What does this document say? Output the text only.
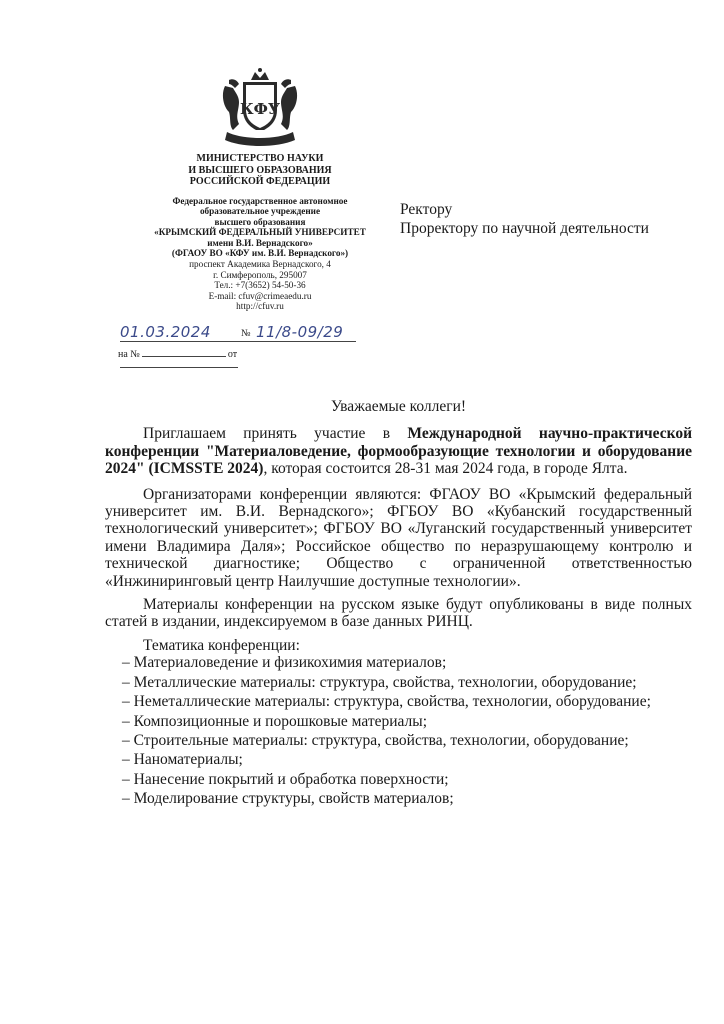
КФУ
МИНИСТЕРСТВО НАУКИ
И ВЫСШЕГО ОБРАЗОВАНИЯ
РОССИЙСКОЙ ФЕДЕРАЦИИ
Федеральное государственное автономное
образовательное учреждение
высшего образования
«КРЫМСКИЙ ФЕДЕРАЛЬНЫЙ УНИВЕРСИТЕТ
имени В.И. Вернадского»
(ФГАОУ ВО «КФУ им. В.И. Вернадского»)
проспект Академика Вернадского, 4
г. Симферополь, 295007
Тел.: +7(3652) 54-50-36
E-mail: cfuv@crimeaedu.ru
http://cfuv.ru
01.03.2024	№ 11/8-09/29
на №	от
Ректору
Проректору по научной деятельности

Уважаемые коллеги!

Приглашаем принять участие в Международной научно-практической конференции "Материаловедение, формообразующие технологии и оборудование 2024" (ICMSSTE 2024), которая состоится 28-31 мая 2024 года, в городе Ялта.

Организаторами конференции являются: ФГАОУ ВО «Крымский федеральный университет им. В.И. Вернадского»; ФГБОУ ВО «Кубанский государственный технологический университет»; ФГБОУ ВО «Луганский государственный университет имени Владимира Даля»; Российское общество по неразрушающему контролю и технической диагностике; Общество с ограниченной ответственностью «Инжиниринговый центр Наилучшие доступные технологии».

Материалы конференции на русском языке будут опубликованы в виде полных статей в издании, индексируемом в базе данных РИНЦ.

Тематика конференции:

– Материаловедение и физикохимия материалов;

– Металлические материалы: структура, свойства, технологии, оборудование;

– Неметаллические материалы: структура, свойства, технологии, оборудование;

– Композиционные и порошковые материалы;

– Строительные материалы: структура, свойства, технологии, оборудование;

– Наноматериалы;

– Нанесение покрытий и обработка поверхности;

– Моделирование структуры, свойств материалов;
